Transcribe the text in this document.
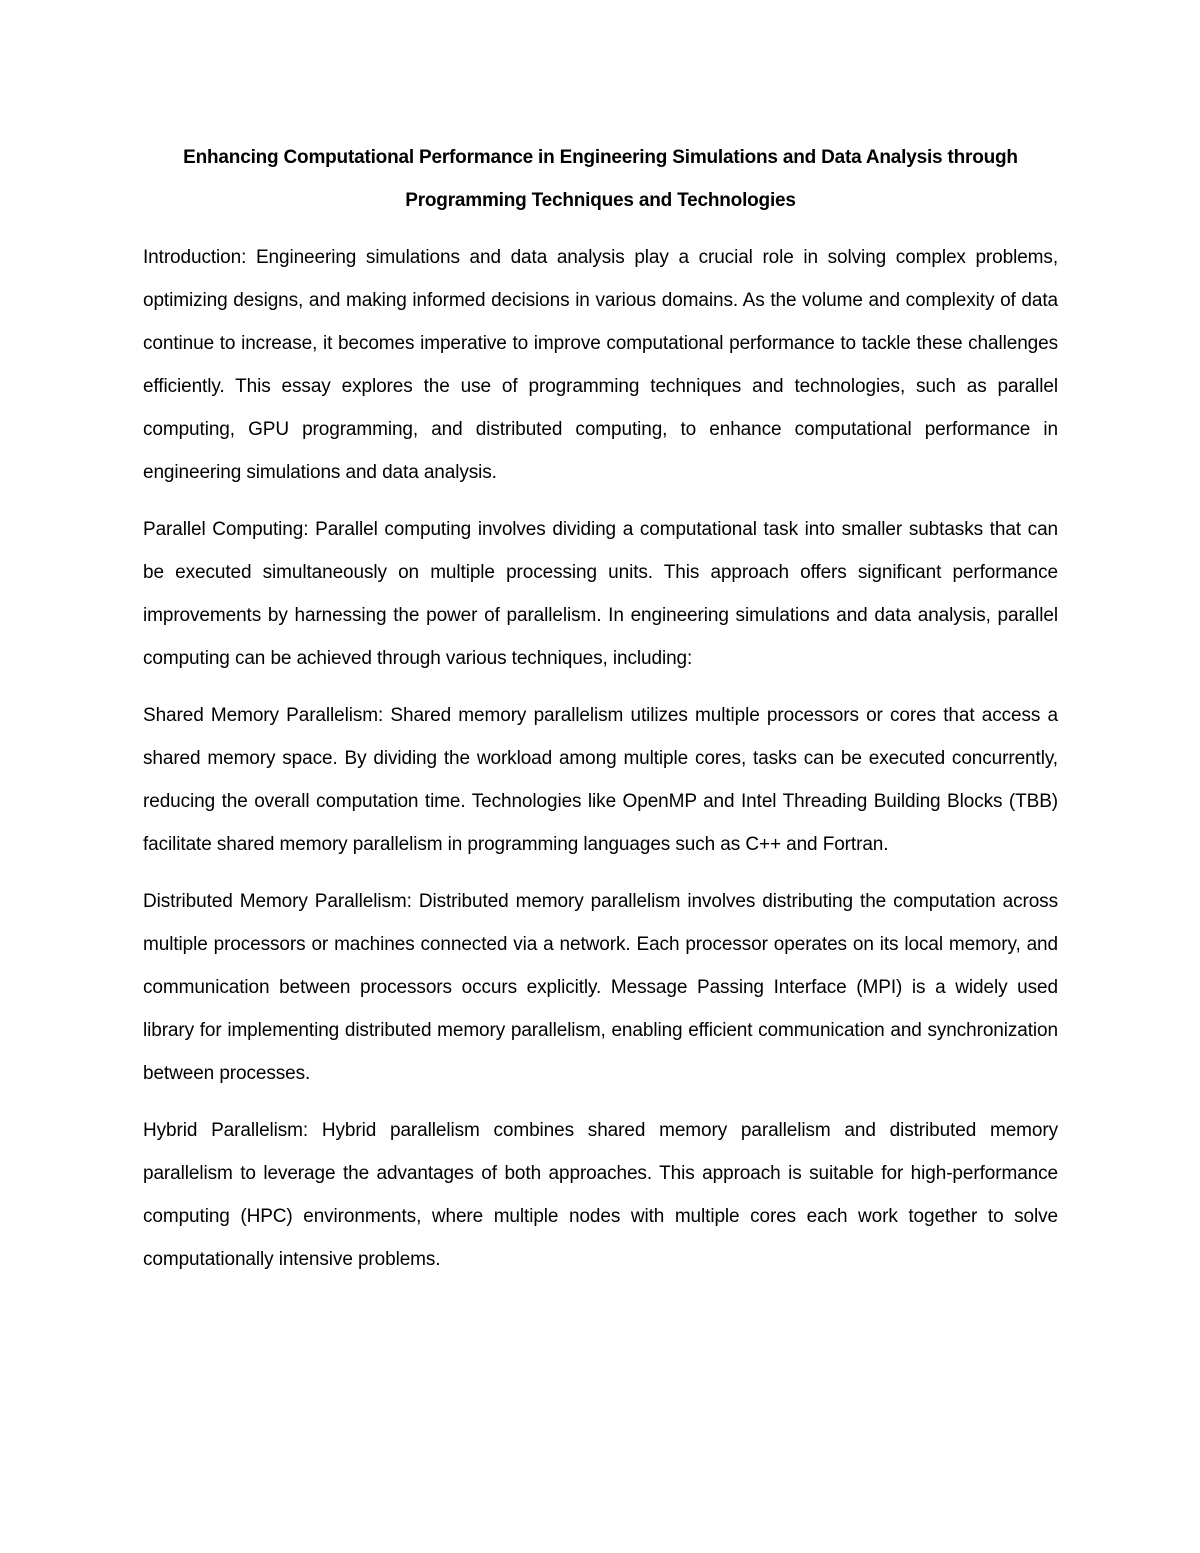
Enhancing Computational Performance in Engineering Simulations and Data Analysis through Programming Techniques and Technologies

Introduction: Engineering simulations and data analysis play a crucial role in solving complex problems, optimizing designs, and making informed decisions in various domains. As the volume and complexity of data continue to increase, it becomes imperative to improve computational performance to tackle these challenges efficiently. This essay explores the use of programming techniques and technologies, such as parallel computing, GPU programming, and distributed computing, to enhance computational performance in engineering simulations and data analysis.

Parallel Computing: Parallel computing involves dividing a computational task into smaller subtasks that can be executed simultaneously on multiple processing units. This approach offers significant performance improvements by harnessing the power of parallelism. In engineering simulations and data analysis, parallel computing can be achieved through various techniques, including:

Shared Memory Parallelism: Shared memory parallelism utilizes multiple processors or cores that access a shared memory space. By dividing the workload among multiple cores, tasks can be executed concurrently, reducing the overall computation time. Technologies like OpenMP and Intel Threading Building Blocks (TBB) facilitate shared memory parallelism in programming languages such as C++ and Fortran.

Distributed Memory Parallelism: Distributed memory parallelism involves distributing the computation across multiple processors or machines connected via a network. Each processor operates on its local memory, and communication between processors occurs explicitly. Message Passing Interface (MPI) is a widely used library for implementing distributed memory parallelism, enabling efficient communication and synchronization between processes.

Hybrid Parallelism: Hybrid parallelism combines shared memory parallelism and distributed memory parallelism to leverage the advantages of both approaches. This approach is suitable for high-performance computing (HPC) environments, where multiple nodes with multiple cores each work together to solve computationally intensive problems.
